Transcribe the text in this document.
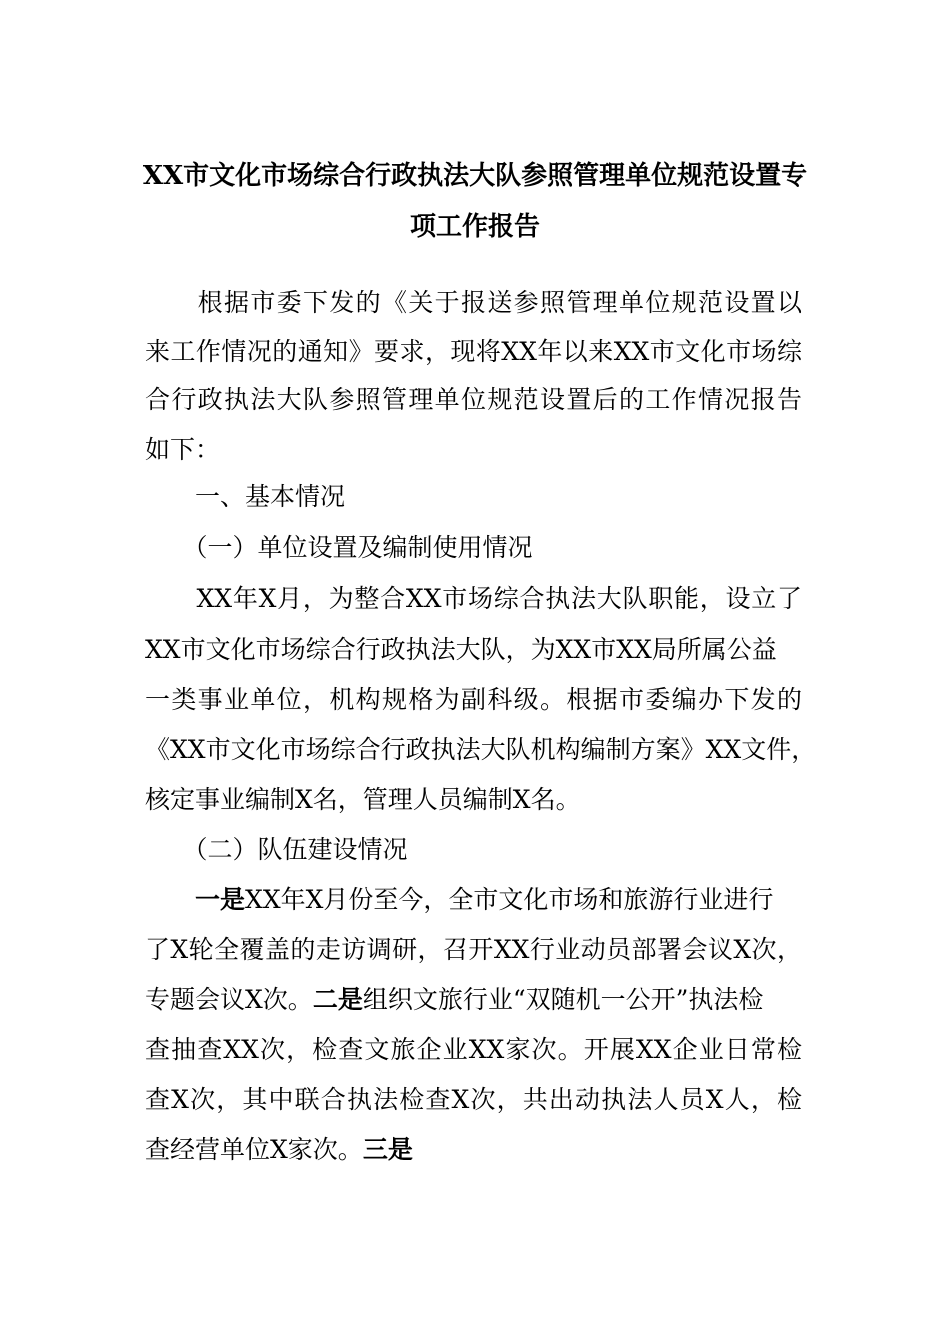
XX市文化市场综合行政执法大队参照管理单位规范设置专
项工作报告
　　根据市委下发的《关于报送参照管理单位规范设置以
来工作情况的通知》要求，现将XX年以来XX市文化市场综
合行政执法大队参照管理单位规范设置后的工作情况报告
如下：
　　一、基本情况
　　（一）单位设置及编制使用情况
　　XX年X月，为整合XX市场综合执法大队职能，设立了
XX市文化市场综合行政执法大队，为XX市XX局所属公益
一类事业单位，机构规格为副科级。根据市委编办下发的
《XX市文化市场综合行政执法大队机构编制方案》XX文件，
核定事业编制X名，管理人员编制X名。
　　（二）队伍建设情况
　　一是XX年X月份至今，全市文化市场和旅游行业进行
了X轮全覆盖的走访调研，召开XX行业动员部署会议X次，
专题会议X次。二是组织文旅行业“双随机一公开”执法检
查抽查XX次，检查文旅企业XX家次。开展XX企业日常检
查X次，其中联合执法检查X次，共出动执法人员X人，检
查经营单位X家次。三是
